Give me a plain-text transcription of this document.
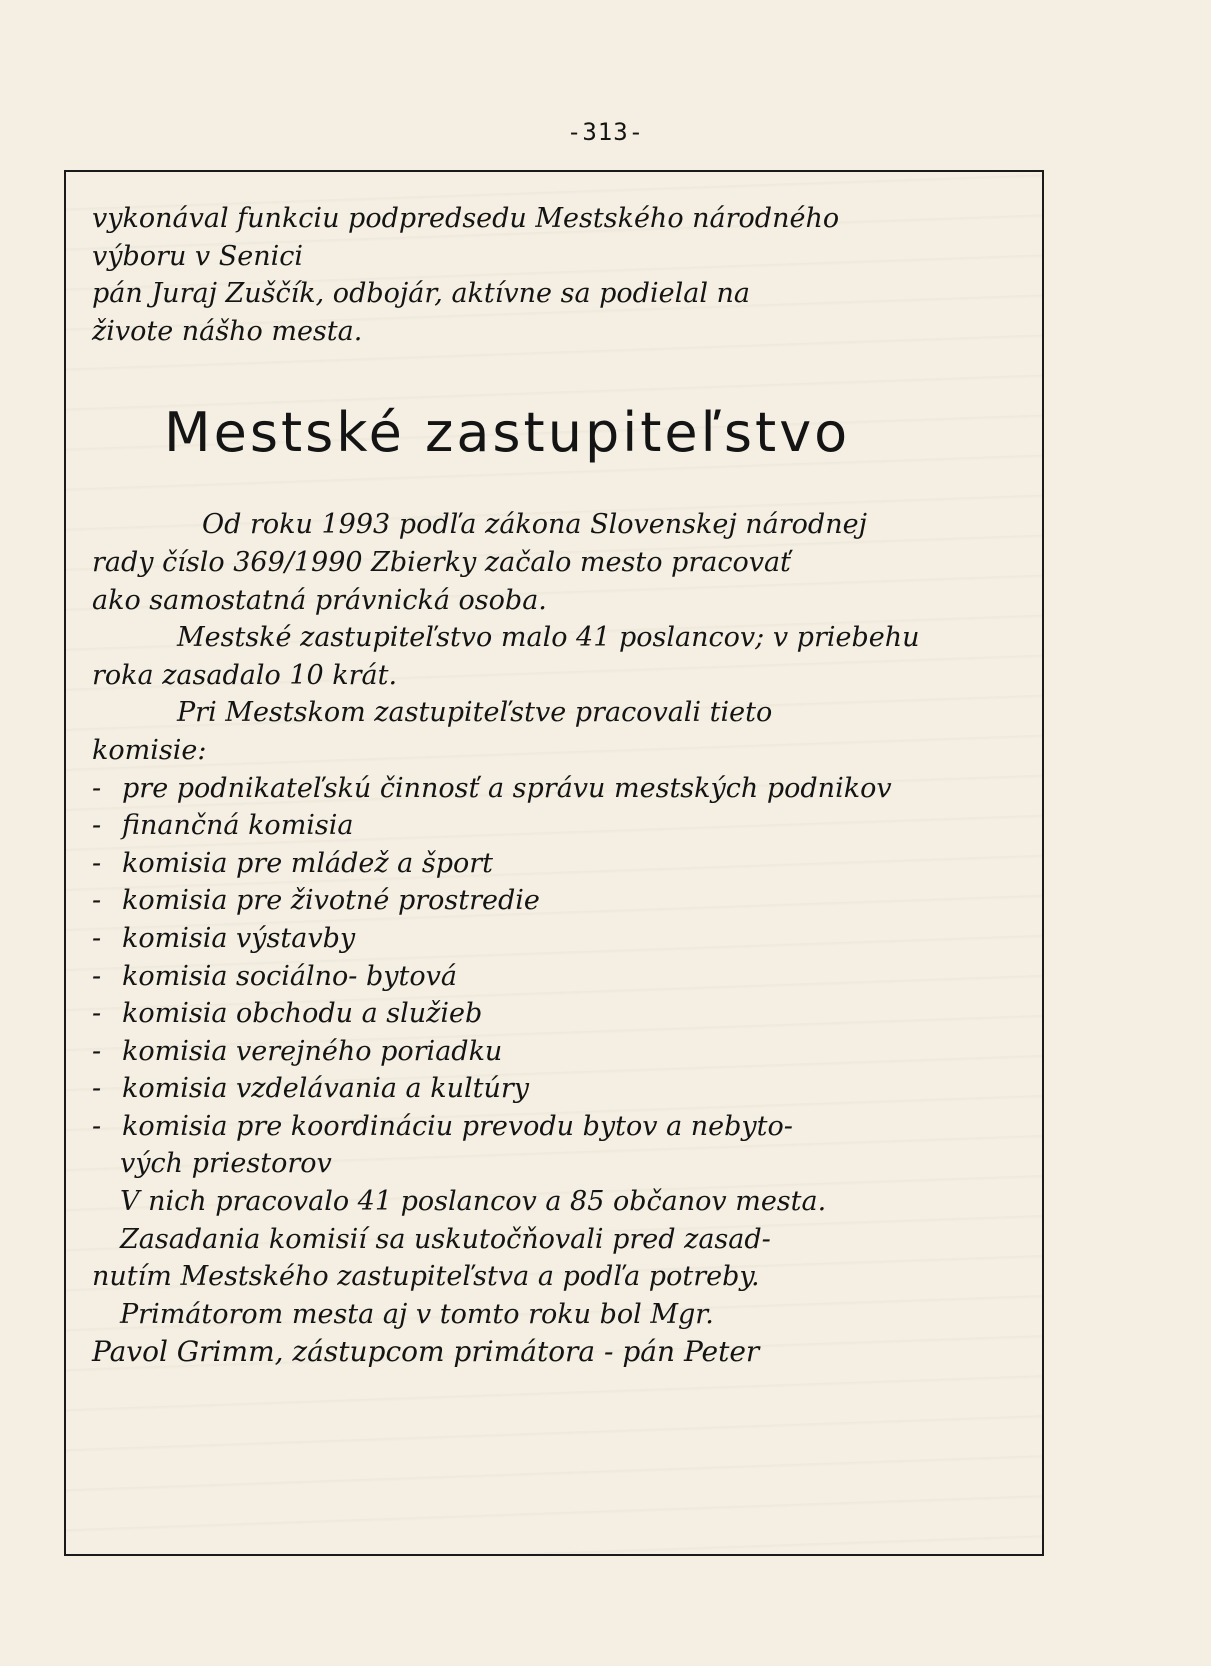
-313-
vykonával funkciu podpredsedu Mestského národného
výboru v Senici
pán Juraj Zuščík, odbojár, aktívne sa podielal na
živote nášho mesta.
Mestské zastupiteľstvo
Od roku 1993 podľa zákona Slovenskej národnej
rady číslo 369/1990 Zbierky začalo mesto pracovať
ako samostatná právnická osoba.
Mestské zastupiteľstvo malo 41 poslancov; v priebehu
roka zasadalo 10 krát.
Pri Mestskom zastupiteľstve pracovali tieto
komisie:
- pre podnikateľskú činnosť a správu mestských podnikov
- finančná komisia
- komisia pre mládež a šport
- komisia pre životné prostredie
- komisia výstavby
- komisia sociálno- bytová
- komisia obchodu a služieb
- komisia verejného poriadku
- komisia vzdelávania a kultúry
- komisia pre koordináciu prevodu bytov a nebyto-
vých priestorov
V nich pracovalo 41 poslancov a 85 občanov mesta.
Zasadania komisií sa uskutočňovali pred zasad-
nutím Mestského zastupiteľstva a podľa potreby.
Primátorom mesta aj v tomto roku bol Mgr.
Pavol Grimm, zástupcom primátora - pán Peter
